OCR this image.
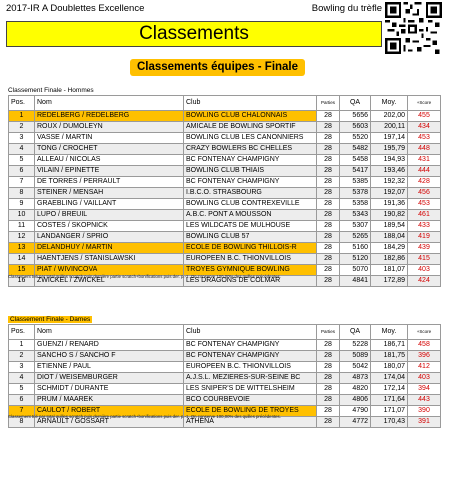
2017-IR A Doublettes Excellence	Bowling du trèfle
Classements
Classements équipes - Finale
Classement Finale - Hommes
Pos.	Nom	Club	Parties	QA	Moy.	+Score
1	REDELBERG / REDELBERG	BOWLING CLUB CHALONNAIS	28	5656	202,00	455
2	ROUX / DUMOLEYN	AMICALE DE BOWLING SPORTIF	28	5603	200,11	434
3	VASSE / MARTIN	BOWLING CLUB LES CANONNIERS	28	5520	197,14	453
4	TONG / CROCHET	CRAZY BOWLERS BC CHELLES	28	5482	195,79	448
5	ALLEAU / NICOLAS	BC FONTENAY CHAMPIGNY	28	5458	194,93	431
6	VILAIN / EPINETTE	BOWLING CLUB THIAIS	28	5417	193,46	444
7	DE TORRES / PERRAULT	BC FONTENAY CHAMPIGNY	28	5385	192,32	428
8	STEINER / MENSAH	I.B.C.O. STRASBOURG	28	5378	192,07	456
9	GRAEBLING / VAILLANT	BOWLING CLUB CONTREXEVILLE	28	5358	191,36	453
10	LUPO / BREUIL	A.B.C. PONT A MOUSSON	28	5343	190,82	461
11	COSTES / SKOPNICK	LES WILDCATS DE MULHOUSE	28	5307	189,54	433
12	LANDANGER / SPRIO	BOWLING CLUB 57	28	5265	188,04	419
13	DELANDHUY / MARTIN	ECOLE DE BOWLING THILLOIS-R	28	5160	184,29	439
14	HAENTJENS / STANISLAWSKI	EUROPEEN B.C. THIONVILLOIS	28	5120	182,86	415
15	PIAT / WIVINCOVA	TROYES GYMNIQUE BOWLING	28	5070	181,07	403
16	ZWICKEL / ZWICKEL	LES DRAGONS DE COLMAR	28	4841	172,89	424
Classement trié par total quilles scratch puis dernière partie scratch+bonifications puis der. p.-1. On conserve 100,00% des quilles précédentes.
Classement Finale - Dames
Pos.	Nom	Club	Parties	QA	Moy.	+Score
1	GUENZI / RENARD	BC FONTENAY CHAMPIGNY	28	5228	186,71	458
2	SANCHO S / SANCHO F	BC FONTENAY CHAMPIGNY	28	5089	181,75	396
3	ETIENNE / PAUL	EUROPEEN B.C. THIONVILLOIS	28	5042	180,07	412
4	DIOT / WEISEMBURGER	A.J.S.L. MEZIERES-SUR-SEINE BC	28	4873	174,04	403
5	SCHMIDT / DURANTE	LES SNIPER'S DE WITTELSHEIM	28	4820	172,14	394
6	PRUM / MAAREK	BCO COURBEVOIE	28	4806	171,64	443
7	CAULOT / ROBERT	ECOLE DE BOWLING DE TROYES	28	4790	171,07	390
8	ARNAULT / GOSSART	ATHENA	28	4772	170,43	391
Classement trié par total quilles scratch puis dernière partie scratch+bonifications puis der. p.-1. On conserve 100,00% des quilles précédentes.
